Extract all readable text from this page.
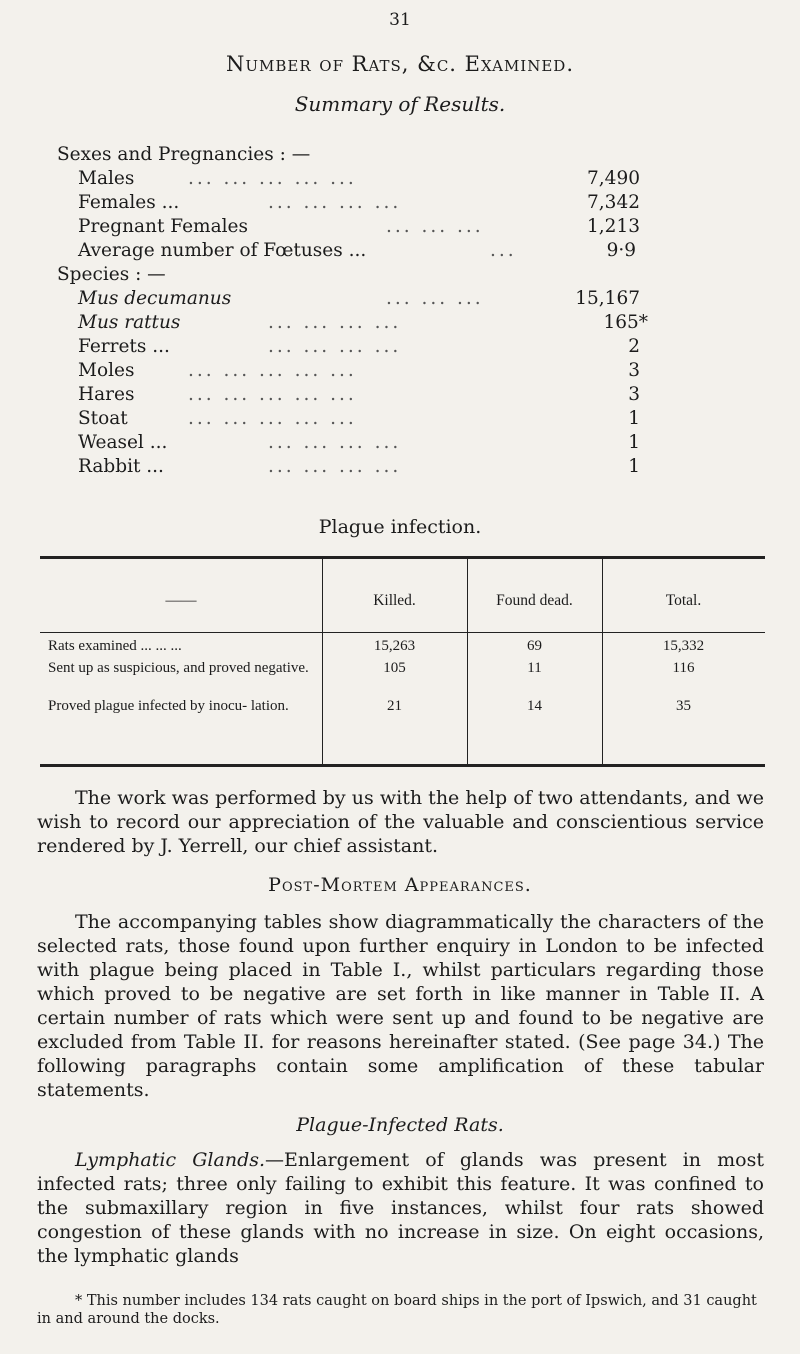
31
Number of Rats, &c. Examined.
Summary of Results.
Sexes and Pregnancies : —
Males	... ... ... ... ...	7,490
Females ...	... ... ... ...	7,342
Pregnant Females	... ... ...	1,213
Average number of Fœtuses ...	...	9·9
Species : —
Mus decumanus	... ... ...	15,167
Mus rattus	... ... ... ...	165*
Ferrets ...	... ... ... ...	2
Moles	... ... ... ... ...	3
Hares	... ... ... ... ...	3
Stoat	... ... ... ... ...	1
Weasel ...	... ... ... ...	1
Rabbit ...	... ... ... ...	1
Plague infection.
——	Killed.	Found dead.	Total.
Rats examined ... ... ...	15,263	69	15,332
Sent up as suspicious, and proved negative.	105	11	116
Proved plague infected by inocu- lation.	21	14	35

The work was performed by us with the help of two attendants, and we wish to record our appreciation of the valuable and conscientious service rendered by J. Yerrell, our chief assistant.

Post-Mortem Appearances.

The accompanying tables show diagrammatically the characters of the selected rats, those found upon further enquiry in London to be infected with plague being placed in Table I., whilst particulars regarding those which proved to be negative are set forth in like manner in Table II. A certain number of rats which were sent up and found to be negative are excluded from Table II. for reasons hereinafter stated. (See page 34.) The following paragraphs contain some amplification of these tabular statements.

Plague-Infected Rats.

Lymphatic Glands.—Enlargement of glands was present in most infected rats; three only failing to exhibit this feature. It was confined to the submaxillary region in five instances, whilst four rats showed congestion of these glands with no increase in size. On eight occasions, the lymphatic glands

* This number includes 134 rats caught on board ships in the port of Ipswich, and 31 caught in and around the docks.
